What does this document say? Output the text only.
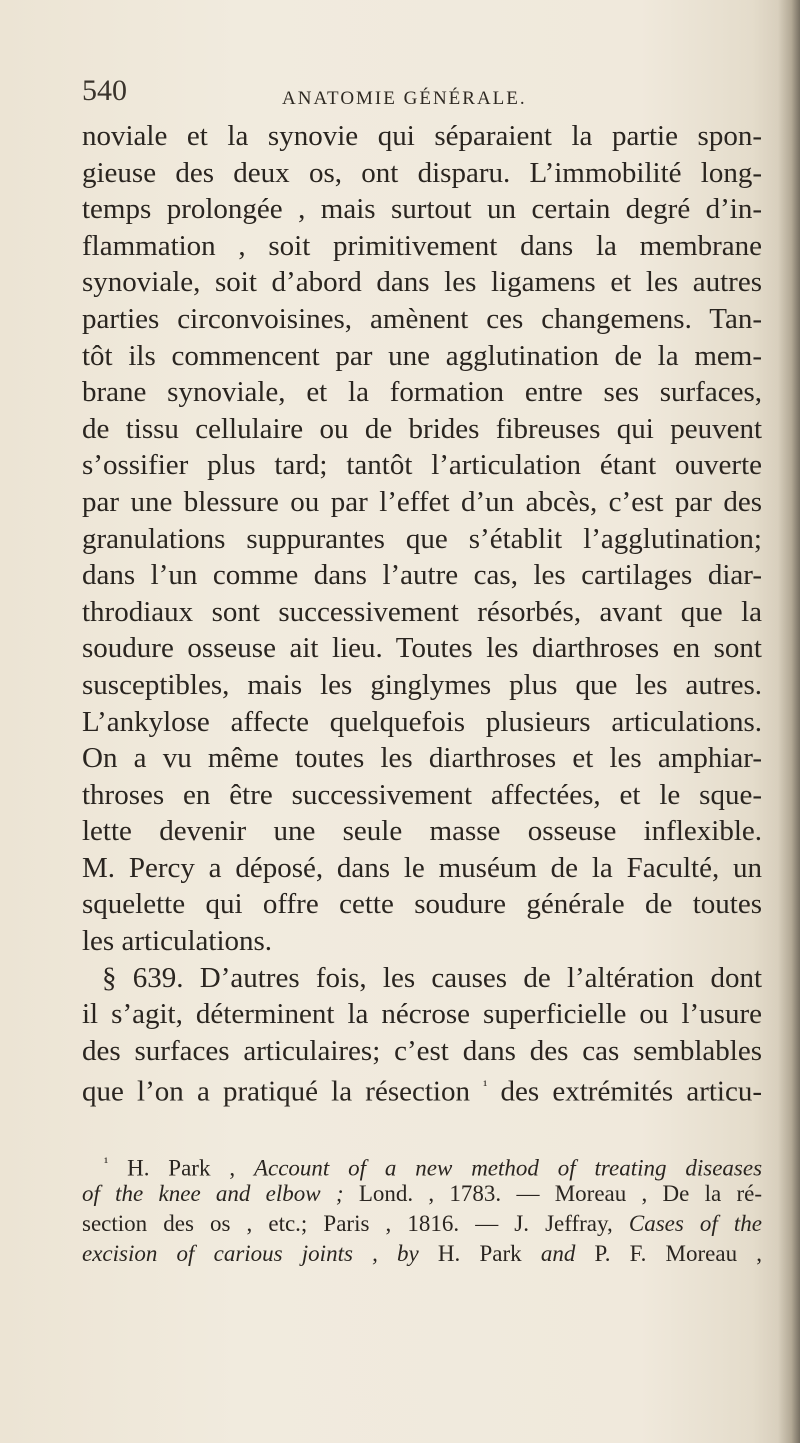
540	ANATOMIE GÉNÉRALE.
noviale et la synovie qui séparaient la partie spon-
gieuse des deux os, ont disparu. L’immobilité long-
temps prolongée , mais surtout un certain degré d’in-
flammation , soit primitivement dans la membrane
synoviale, soit d’abord dans les ligamens et les autres
parties circonvoisines, amènent ces changemens. Tan-
tôt ils commencent par une agglutination de la mem-
brane synoviale, et la formation entre ses surfaces,
de tissu cellulaire ou de brides fibreuses qui peuvent
s’ossifier plus tard; tantôt l’articulation étant ouverte
par une blessure ou par l’effet d’un abcès, c’est par des
granulations suppurantes que s’établit l’agglutination;
dans l’un comme dans l’autre cas, les cartilages diar-
throdiaux sont successivement résorbés, avant que la
soudure osseuse ait lieu. Toutes les diarthroses en sont
susceptibles, mais les ginglymes plus que les autres.
L’ankylose affecte quelquefois plusieurs articulations.
On a vu même toutes les diarthroses et les amphiar-
throses en être successivement affectées, et le sque-
lette devenir une seule masse osseuse inflexible.
M. Percy a déposé, dans le muséum de la Faculté, un
squelette qui offre cette soudure générale de toutes
les articulations.
§ 639. D’autres fois, les causes de l’altération dont
il s’agit, déterminent la nécrose superficielle ou l’usure
des surfaces articulaires; c’est dans des cas semblables
que l’on a pratiqué la résection $^{^1}$ des extrémités articu-
$^{^1}$ H. Park , Account of a new method of treating diseases
of the knee and elbow ; Lond. , 1783. — Moreau , De la ré-
section des os , etc.; Paris , 1816. — J. Jeffray, Cases of the
excision of carious joints , by H. Park and P. F. Moreau ,
